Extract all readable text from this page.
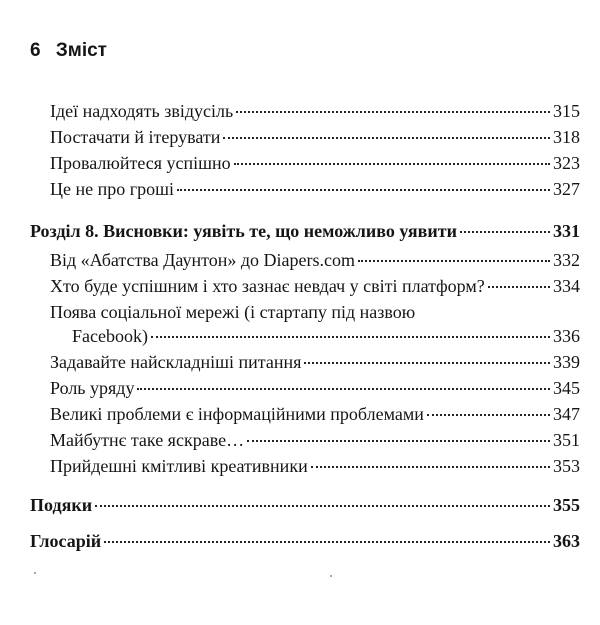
6 Зміст
Ідеї надходять звідусіль	315
Постачати й ітерувати	318
Провалюйтеся успішно	323
Це не про гроші	327
Розділ 8. Висновки: уявіть те, що неможливо уявити	331
Від «Абатства Даунтон» до Diapers.com	332
Хто буде успішним і хто зазнає невдач у світі платформ?	334
Поява соціальної мережі (і стартапу під назвою
Facebook)	336
Задавайте найскладніші питання	339
Роль уряду	345
Великі проблеми є інформаційними проблемами	347
Майбутнє таке яскраве…	351
Прийдешні кмітливі креативники	353
Подяки	355
Глосарій	363
